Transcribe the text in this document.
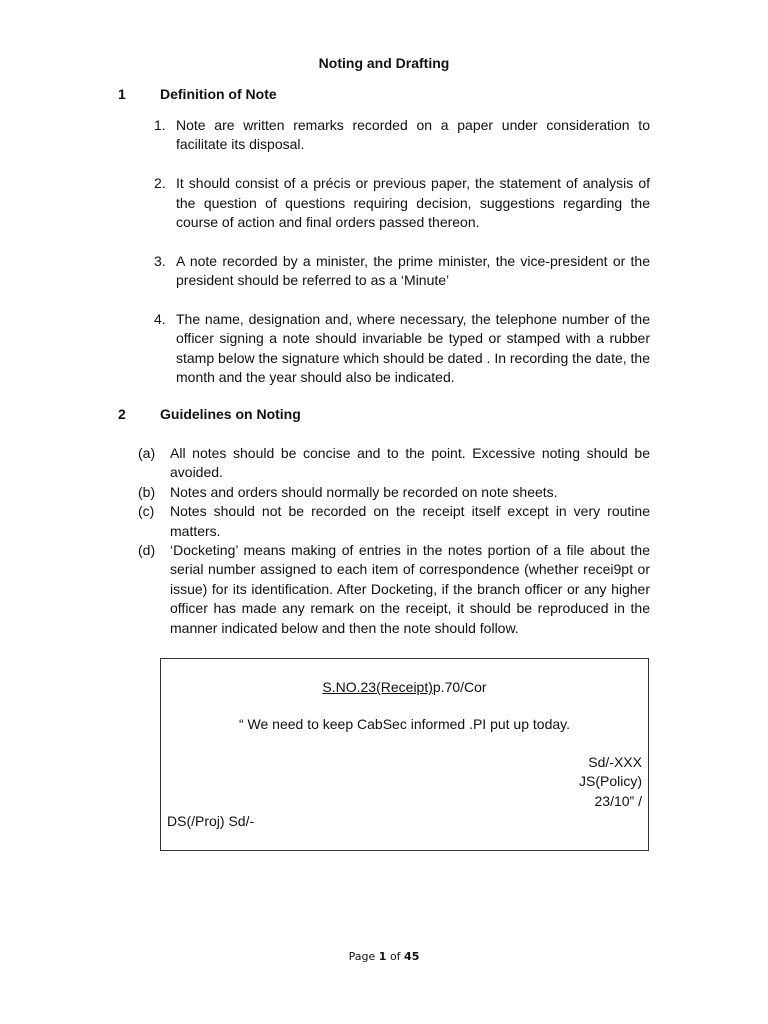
Noting and Drafting
1 Definition of Note
1. Note are written remarks recorded on a paper under consideration to facilitate its disposal.
2. It should consist of a précis or previous paper, the statement of analysis of the question of questions requiring decision, suggestions regarding the course of action and final orders passed thereon.
3. A note recorded by a minister, the prime minister, the vice-president or the president should be referred to as a ‘Minute’
4. The name, designation and, where necessary, the telephone number of the officer signing a note should invariable be typed or stamped with a rubber stamp below the signature which should be dated . In recording the date, the month and the year should also be indicated.
2 Guidelines on Noting
(a) All notes should be concise and to the point. Excessive noting should be avoided.
(b) Notes and orders should normally be recorded on note sheets.
(c) Notes should not be recorded on the receipt itself except in very routine matters.
(d) ‘Docketing’ means making of entries in the notes portion of a file about the serial number assigned to each item of correspondence (whether recei9pt or issue) for its identification. After Docketing, if the branch officer or any higher officer has made any remark on the receipt, it should be reproduced in the manner indicated below and then the note should follow.
S.NO.23(Receipt)p.70/Cor
“ We need to keep CabSec informed .PI put up today.
Sd/-XXX
JS(Policy)
23/10” /
DS(/Proj) Sd/-
Page 1 of 45
